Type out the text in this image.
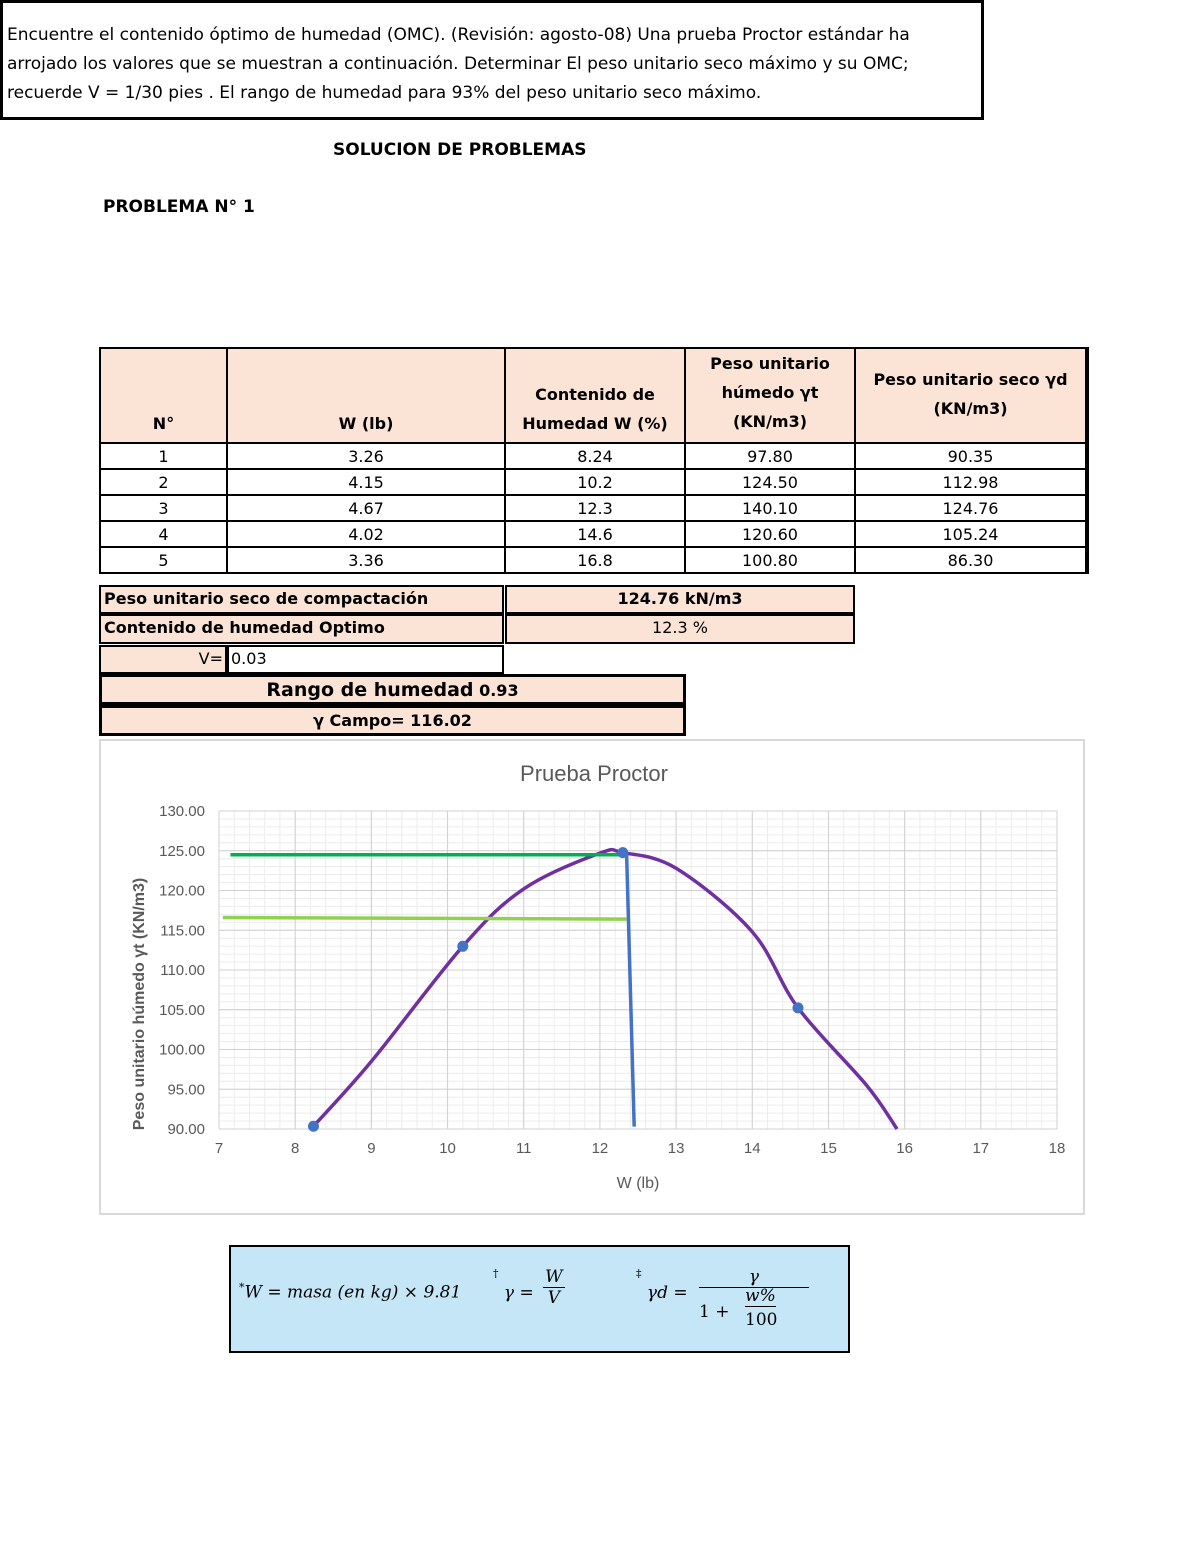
SOLUCION DE PROBLEMAS
PROBLEMA N° 1

Encuentre el contenido óptimo de humedad (OMC). (Revisión: agosto-08) Una prueba Proctor estándar ha

arrojado los valores que se muestran a continuación. Determinar El peso unitario seco máximo y su OMC;

recuerde V = 1/30 pies . El rango de humedad para 93% del peso unitario seco máximo.

N°	W (lb)	Contenido de Humedad W (%)	Peso unitario húmedo γt (KN/m3)	Peso unitario seco γd (KN/m3)

1	3.26	8.24	97.80	90.35
2	4.15	10.2	124.50	112.98
3	4.67	12.3	140.10	124.76
4	4.02	14.6	120.60	105.24
5	3.36	16.8	100.80	86.30
Peso unitario seco de compactación	124.76 kN/m3
Contenido de humedad Optimo	12.3 %
V= 0.03
Rango de humedad 0.93
γ Campo= 116.02
Prueba Proctor
7	8	9	10	11	12	13	14	15	16	17	18
90.00
95.00
100.00
105.00
110.00
115.00
120.00
125.00
130.00
W (lb)
Peso unitario húmedo γt (KN/m3)
*W = masa (en kg) × 9.81
† $\gamma = \frac{W}{V}$	‡ γd = γ
1 +
w%
100
